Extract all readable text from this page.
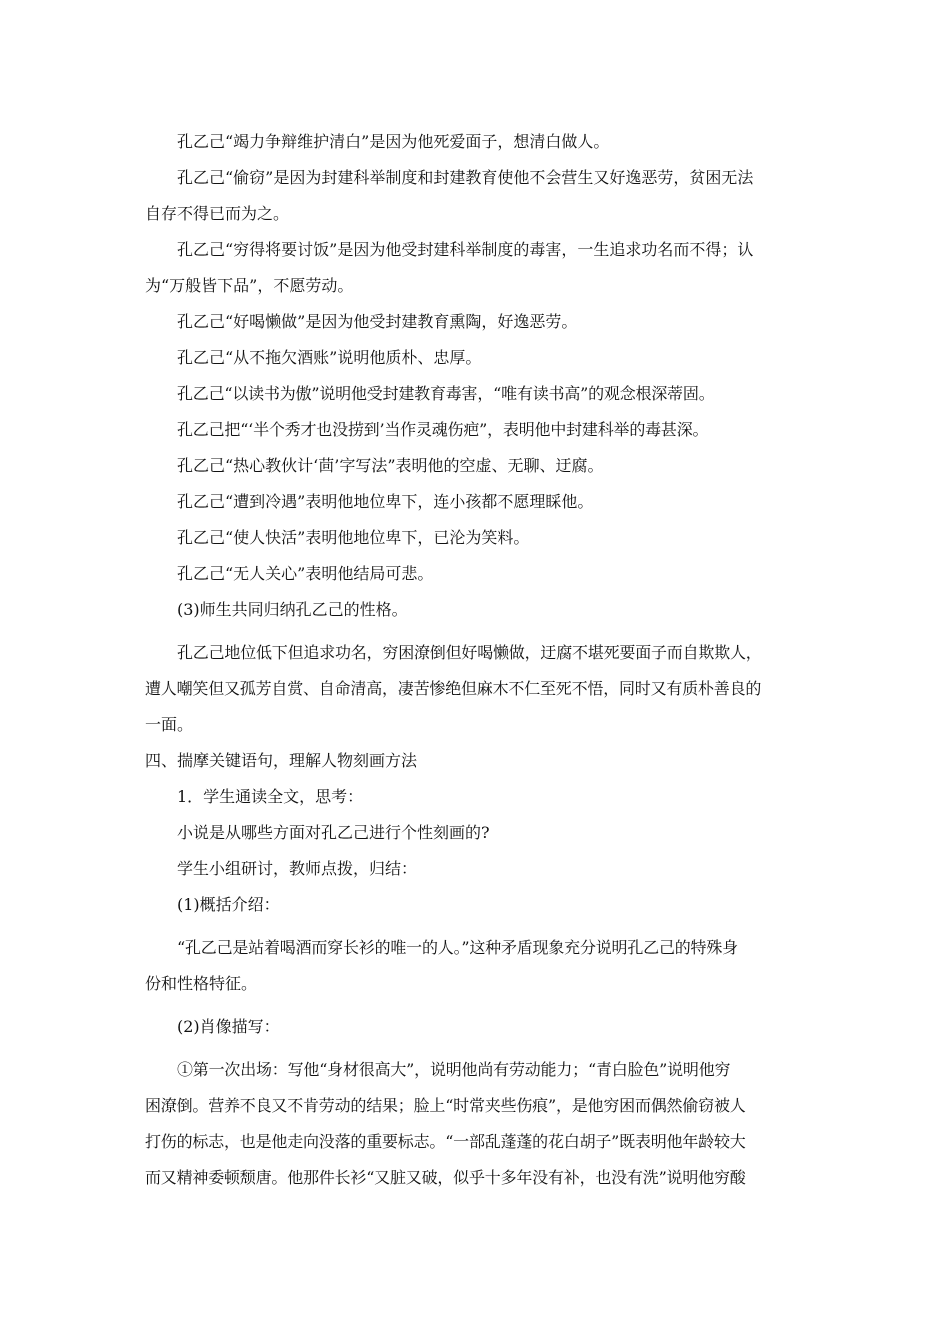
孔乙己“竭力争辩维护清白”是因为他死爱面子，想清白做人。
孔乙己“偷窃”是因为封建科举制度和封建教育使他不会营生又好逸恶劳，贫困无法
自存不得已而为之。
孔乙己“穷得将要讨饭”是因为他受封建科举制度的毒害，一生追求功名而不得；认
为“万般皆下品”，不愿劳动。
孔乙己“好喝懒做”是因为他受封建教育熏陶，好逸恶劳。
孔乙己“从不拖欠酒账”说明他质朴、忠厚。
孔乙己“以读书为傲”说明他受封建教育毒害，“唯有读书高”的观念根深蒂固。
孔乙己把“‘半个秀才也没捞到’当作灵魂伤疤”，表明他中封建科举的毒甚深。
孔乙己“热心教伙计‘茴’字写法”表明他的空虚、无聊、迂腐。
孔乙己“遭到冷遇”表明他地位卑下，连小孩都不愿理睬他。
孔乙己“使人快活”表明他地位卑下，已沦为笑料。
孔乙己“无人关心”表明他结局可悲。
(3)师生共同归纳孔乙己的性格。
孔乙己地位低下但追求功名，穷困潦倒但好喝懒做，迂腐不堪死要面子而自欺欺人，
遭人嘲笑但又孤芳自赏、自命清高，凄苦惨绝但麻木不仁至死不悟，同时又有质朴善良的
一面。
四、揣摩关键语句，理解人物刻画方法
1．学生通读全文，思考：
小说是从哪些方面对孔乙己进行个性刻画的?
学生小组研讨，教师点拨，归结：
(1)概括介绍：
“孔乙己是站着喝酒而穿长衫的唯一的人。”这种矛盾现象充分说明孔乙己的特殊身
份和性格特征。
(2)肖像描写：
①第一次出场：写他“身材很高大”，说明他尚有劳动能力；“青白脸色”说明他穷
困潦倒。营养不良又不肯劳动的结果；脸上“时常夹些伤痕”，是他穷困而偶然偷窃被人
打伤的标志，也是他走向没落的重要标志。“一部乱蓬蓬的花白胡子”既表明他年龄较大
而又精神委顿颓唐。他那件长衫“又脏又破，似乎十多年没有补，也没有洗”说明他穷酸
